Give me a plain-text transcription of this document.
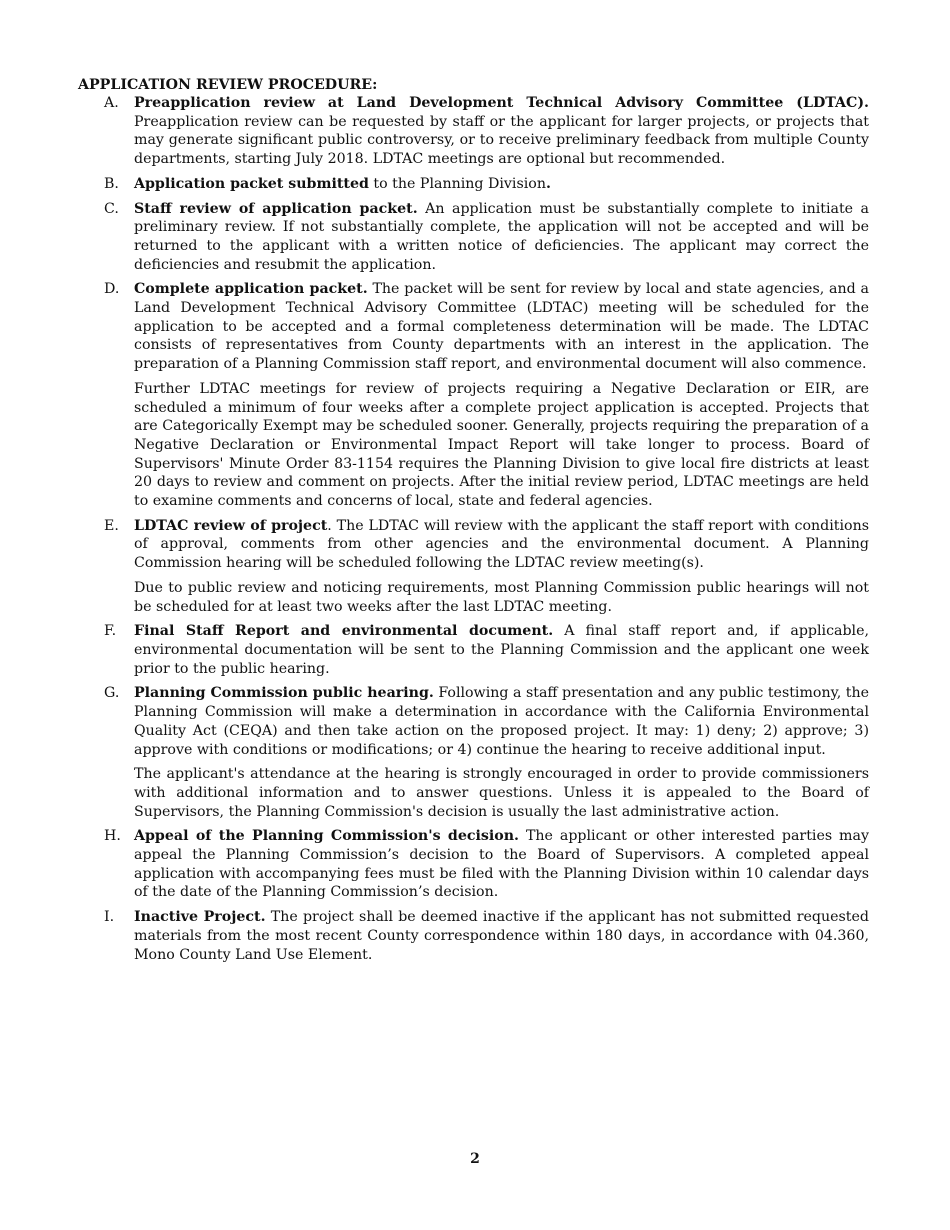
APPLICATION REVIEW PROCEDURE:
A.	Preapplication review at Land Development Technical Advisory Committee (LDTAC). Preapplication review can be requested by staff or the applicant for larger projects, or projects that may generate significant public controversy, or to receive preliminary feedback from multiple County departments, starting July 2018. LDTAC meetings are optional but recommended.

B.	Application packet submitted to the Planning Division.

C.	Staff review of application packet. An application must be substantially complete to initiate a preliminary review. If not substantially complete, the application will not be accepted and will be returned to the applicant with a written notice of deficiencies. The applicant may correct the deficiencies and resubmit the application.

D.	Complete application packet. The packet will be sent for review by local and state agencies, and a Land Development Technical Advisory Committee (LDTAC) meeting will be scheduled for the application to be accepted and a formal completeness determination will be made. The LDTAC consists of representatives from County departments with an interest in the application. The preparation of a Planning Commission staff report, and environmental document will also commence.

Further LDTAC meetings for review of projects requiring a Negative Declaration or EIR, are scheduled a minimum of four weeks after a complete project application is accepted. Projects that are Categorically Exempt may be scheduled sooner. Generally, projects requiring the preparation of a Negative Declaration or Environmental Impact Report will take longer to process. Board of Supervisors' Minute Order 83-1154 requires the Planning Division to give local fire districts at least 20 days to review and comment on projects. After the initial review period, LDTAC meetings are held to examine comments and concerns of local, state and federal agencies.

E.	LDTAC review of project. The LDTAC will review with the applicant the staff report with conditions of approval, comments from other agencies and the environmental document. A Planning Commission hearing will be scheduled following the LDTAC review meeting(s).

Due to public review and noticing requirements, most Planning Commission public hearings will not be scheduled for at least two weeks after the last LDTAC meeting.

F.	Final Staff Report and environmental document. A final staff report and, if applicable, environmental documentation will be sent to the Planning Commission and the applicant one week prior to the public hearing.

G.	Planning Commission public hearing. Following a staff presentation and any public testimony, the Planning Commission will make a determination in accordance with the California Environmental Quality Act (CEQA) and then take action on the proposed project. It may: 1) deny; 2) approve; 3) approve with conditions or modifications; or 4) continue the hearing to receive additional input.

The applicant's attendance at the hearing is strongly encouraged in order to provide commissioners with additional information and to answer questions. Unless it is appealed to the Board of Supervisors, the Planning Commission's decision is usually the last administrative action.

H. Appeal of the Planning Commission's decision. The applicant or other interested parties may appeal the Planning Commission’s decision to the Board of Supervisors. A completed appeal application with accompanying fees must be filed with the Planning Division within 10 calendar days of the date of the Planning Commission’s decision.

I.	Inactive Project. The project shall be deemed inactive if the applicant has not submitted requested materials from the most recent County correspondence within 180 days, in accordance with 04.360, Mono County Land Use Element.

2
